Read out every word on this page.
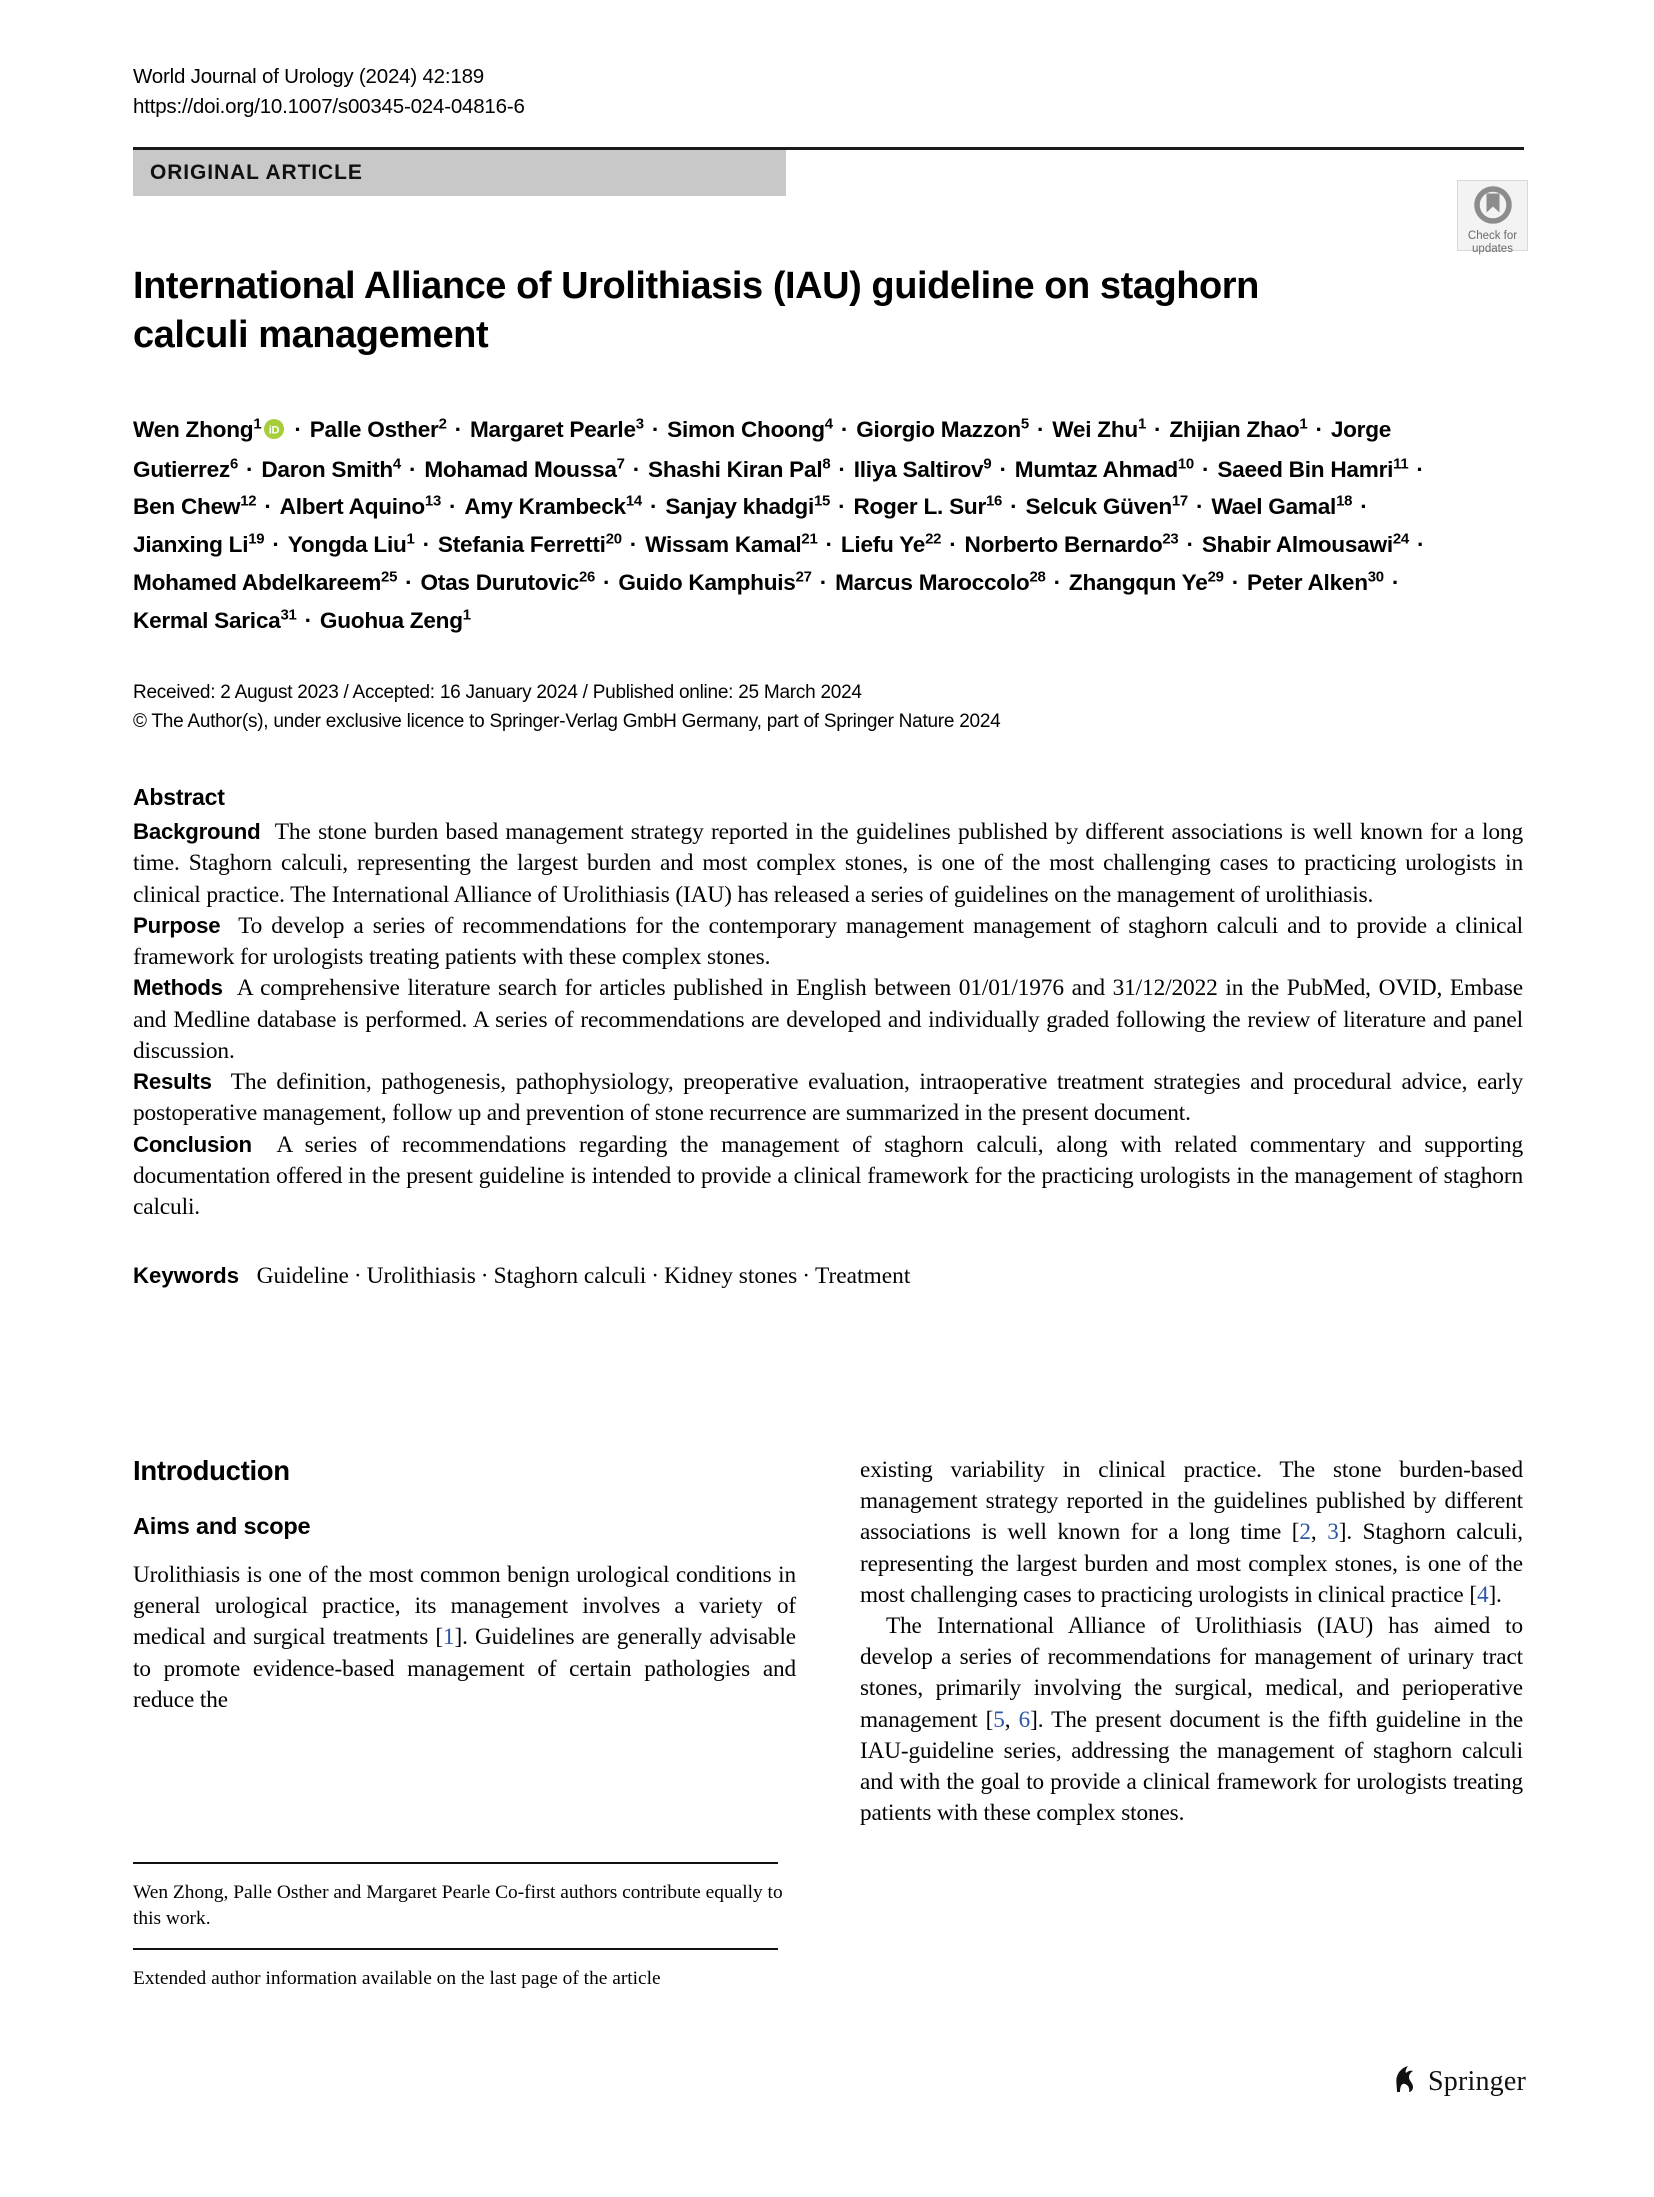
World Journal of Urology (2024) 42:189
https://doi.org/10.1007/s00345-024-04816-6
ORIGINAL ARTICLE
Check for
updates
International Alliance of Urolithiasis (IAU) guideline on staghorn calculi management
Wen Zhong$^1$ iD · Palle Osther$^2$ · Margaret Pearle$^3$ · Simon Choong$^4$ · Giorgio Mazzon$^5$ · Wei Zhu$^1$ · Zhijian Zhao$^1$ · Jorge Gutierrez$^6$ · Daron Smith$^4$ · Mohamad Moussa$^7$ · Shashi Kiran Pal$^8$ · Iliya Saltirov$^9$ · Mumtaz Ahmad$^{10}$ · Saeed Bin Hamri$^{11}$ · Ben Chew$^{12}$ · Albert Aquino$^{13}$ · Amy Krambeck$^{14}$ · Sanjay khadgi$^{15}$ · Roger L. Sur$^{16}$ · Selcuk Güven$^{17}$ · Wael Gamal$^{18}$ · Jianxing $Li^{19}$ · Yongda Liu$^1$ · Stefania Ferretti$^{20}$ · Wissam Kamal$^{21}$ · Liefu $Ye^{22}$ · Norberto Bernardo$^{23}$ · Shabir Almousawi$^{24}$ · Mohamed Abdelkareem$^{25}$ · Otas Durutovic$^{26}$ · Guido Kamphuis$^{27}$ · Marcus Maroccolo$^{28}$ · Zhangqun $Ye^{29}$ · Peter Alken$^{30}$ · Kermal Sarica$^{31}$ · Guohua Zeng$^1$
Received: 2 August 2023 / Accepted: 16 January 2024 / Published online: 25 March 2024
© The Author(s), under exclusive licence to Springer-Verlag GmbH Germany, part of Springer Nature 2024
Abstract

Background  The stone burden based management strategy reported in the guidelines published by different associations is well known for a long time. Staghorn calculi, representing the largest burden and most complex stones, is one of the most challenging cases to practicing urologists in clinical practice. The International Alliance of Urolithiasis (IAU) has released a series of guidelines on the management of urolithiasis.

Purpose  To develop a series of recommendations for the contemporary management management of staghorn calculi and to provide a clinical framework for urologists treating patients with these complex stones.

Methods  A comprehensive literature search for articles published in English between 01/01/1976 and 31/12/2022 in the PubMed, OVID, Embase and Medline database is performed. A series of recommendations are developed and individually graded following the review of literature and panel discussion.

Results  The definition, pathogenesis, pathophysiology, preoperative evaluation, intraoperative treatment strategies and procedural advice, early postoperative management, follow up and prevention of stone recurrence are summarized in the present document.

Conclusion  A series of recommendations regarding the management of staghorn calculi, along with related commentary and supporting documentation offered in the present guideline is intended to provide a clinical framework for the practicing urologists in the management of staghorn calculi.

Keywords   Guideline · Urolithiasis · Staghorn calculi · Kidney stones · Treatment
Introduction
Aims and scope

Urolithiasis is one of the most common benign urological conditions in general urological practice, its management involves a variety of medical and surgical treatments [1]. Guidelines are generally advisable to promote evidence-based management of certain pathologies and reduce the

existing variability in clinical practice. The stone burden-based management strategy reported in the guidelines published by different associations is well known for a long time [2, 3]. Staghorn calculi, representing the largest burden and most complex stones, is one of the most challenging cases to practicing urologists in clinical practice [4].

The International Alliance of Urolithiasis (IAU) has aimed to develop a series of recommendations for management of urinary tract stones, primarily involving the surgical, medical, and perioperative management [5, 6]. The present document is the fifth guideline in the IAU-guideline series, addressing the management of staghorn calculi and with the goal to provide a clinical framework for urologists treating patients with these complex stones.

Wen Zhong, Palle Osther and Margaret Pearle Co-first authors contribute equally to this work.

Extended author information available on the last page of the article

Springer
